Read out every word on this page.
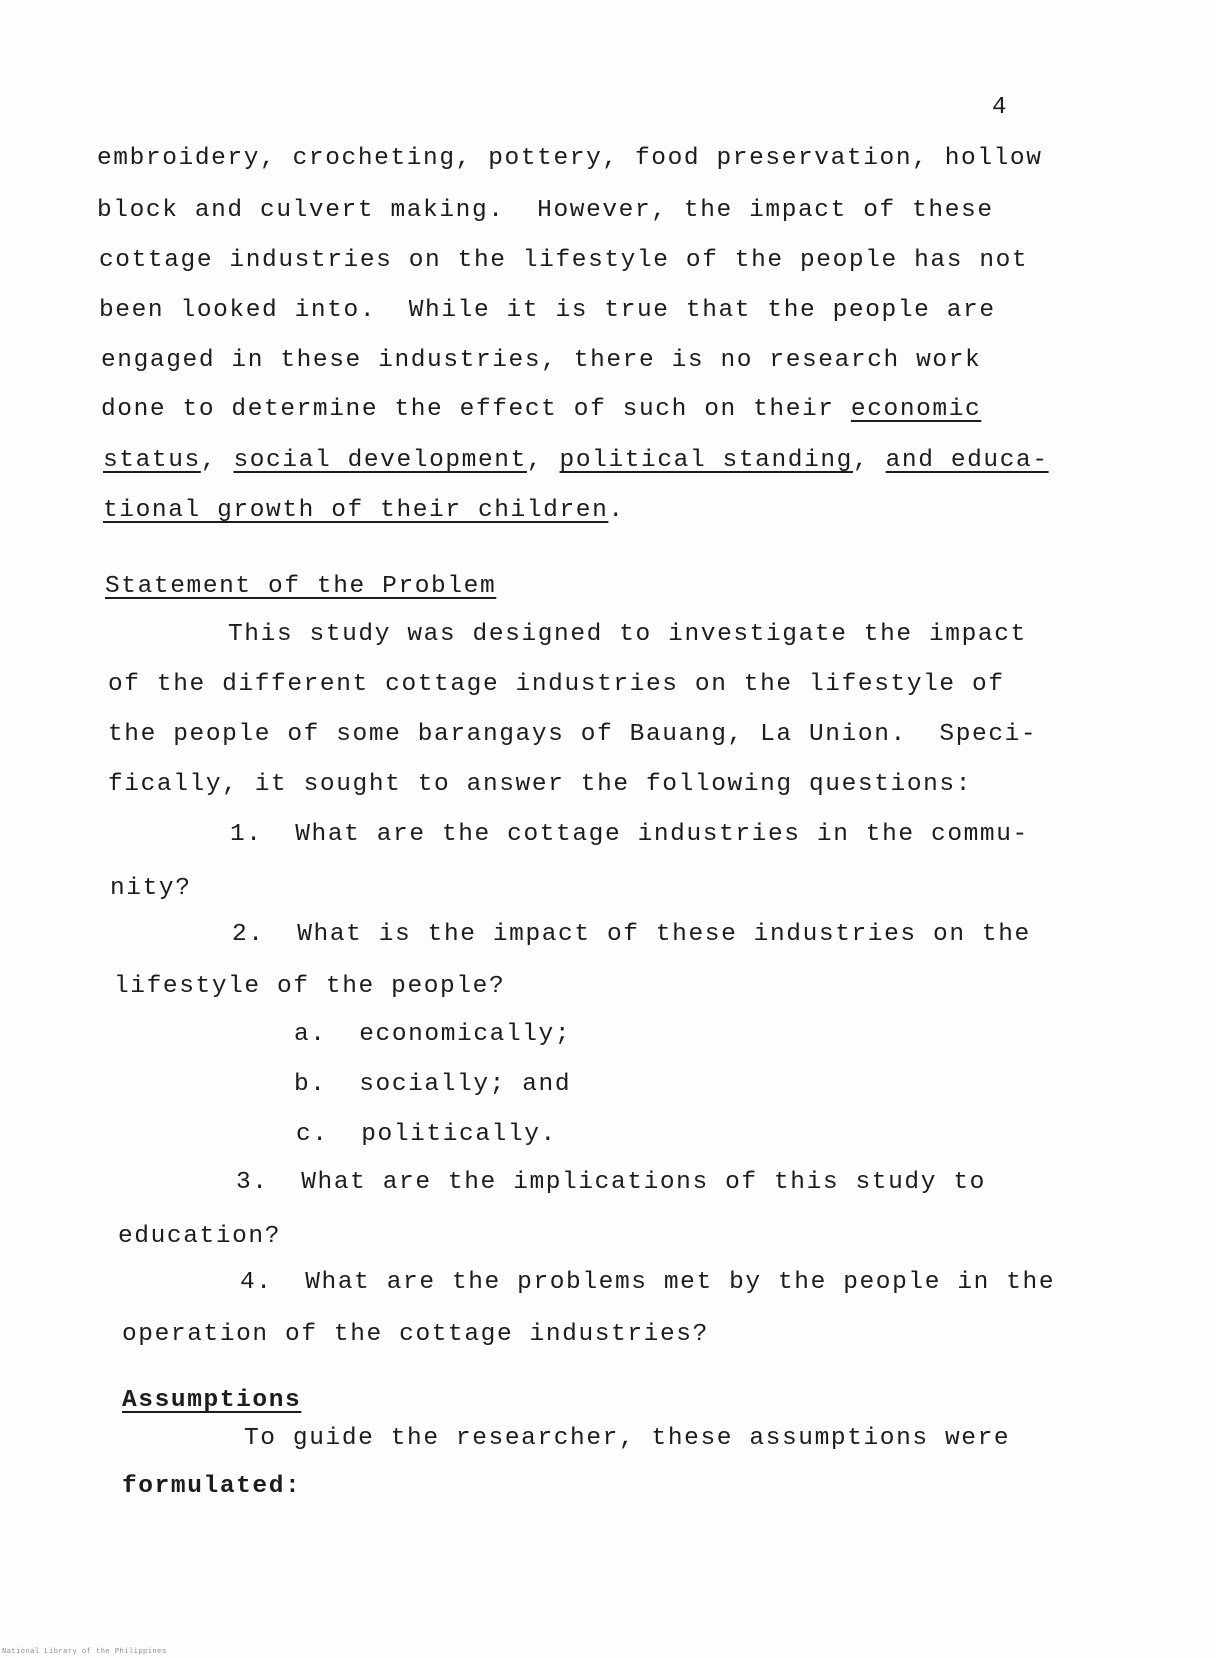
4
embroidery, crocheting, pottery, food preservation, hollow
block and culvert making.  However, the impact of these
cottage industries on the lifestyle of the people has not
been looked into.  While it is true that the people are
engaged in these industries, there is no research work
done to determine the effect of such on their economic
status, social development, political standing, and educa-
tional growth of their children.
Statement of the Problem
This study was designed to investigate the impact
of the different cottage industries on the lifestyle of
the people of some barangays of Bauang, La Union.  Speci-
fically, it sought to answer the following questions:
1. What are the cottage industries in the commu-
nity?
2. What is the impact of these industries on the
lifestyle of the people?
a. economically;
b. socially; and
c. politically.
3. What are the implications of this study to
education?
4. What are the problems met by the people in the
operation of the cottage industries?
Assumptions
To guide the researcher, these assumptions were
formulated:
National Library of the Philippines
